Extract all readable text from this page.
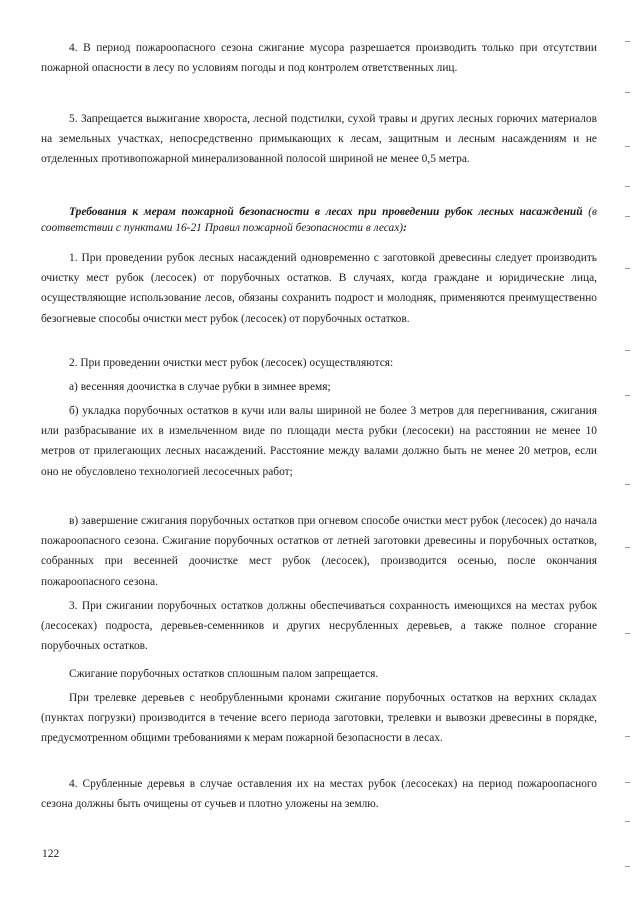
4. В период пожароопасного сезона сжигание мусора разрешается производить только при отсутствии пожарной опасности в лесу по условиям погоды и под контролем ответственных лиц.

5. Запрещается выжигание хвороста, лесной подстилки, сухой травы и других лесных горючих материалов на земельных участках, непосредственно примыкающих к лесам, защитным и лесным насаждениям и не отделенных противопожарной минерализованной полосой шириной не менее 0,5 метра.

Требования к мерам пожарной безопасности в лесах при проведении рубок лесных насаждений (в соответствии с пунктами 16-21 Правил пожарной безопасности в лесах):

1. При проведении рубок лесных насаждений одновременно с заготовкой древесины следует производить очистку мест рубок (лесосек) от порубочных остатков. В случаях, когда граждане и юридические лица, осуществляющие использование лесов, обязаны сохранить подрост и молодняк, применяются преимущественно безогневые способы очистки мест рубок (лесосек) от порубочных остатков.

2. При проведении очистки мест рубок (лесосек) осуществляются:

а) весенняя доочистка в случае рубки в зимнее время;

б) укладка порубочных остатков в кучи или валы шириной не более 3 метров для перегнивания, сжигания или разбрасывание их в измельченном виде по площади места рубки (лесосеки) на расстоянии не менее 10 метров от прилегающих лесных насаждений. Расстояние между валами должно быть не менее 20 метров, если оно не обусловлено технологией лесосечных работ;

в) завершение сжигания порубочных остатков при огневом способе очистки мест рубок (лесосек) до начала пожароопасного сезона. Сжигание порубочных остатков от летней заготовки древесины и порубочных остатков, собранных при весенней доочистке мест рубок (лесосек), производится осенью, после окончания пожароопасного сезона.

3. При сжигании порубочных остатков должны обеспечиваться сохранность имеющихся на местах рубок (лесосеках) подроста, деревьев-семенников и других несрубленных деревьев, а также полное сгорание порубочных остатков.

Сжигание порубочных остатков сплошным палом запрещается.

При трелевке деревьев с необрубленными кронами сжигание порубочных остатков на верхних складах (пунктах погрузки) производится в течение всего периода заготовки, трелевки и вывозки древесины в порядке, предусмотренном общими требованиями к мерам пожарной безопасности в лесах.

4. Срубленные деревья в случае оставления их на местах рубок (лесосеках) на период пожароопасного сезона должны быть очищены от сучьев и плотно уложены на землю.

122
